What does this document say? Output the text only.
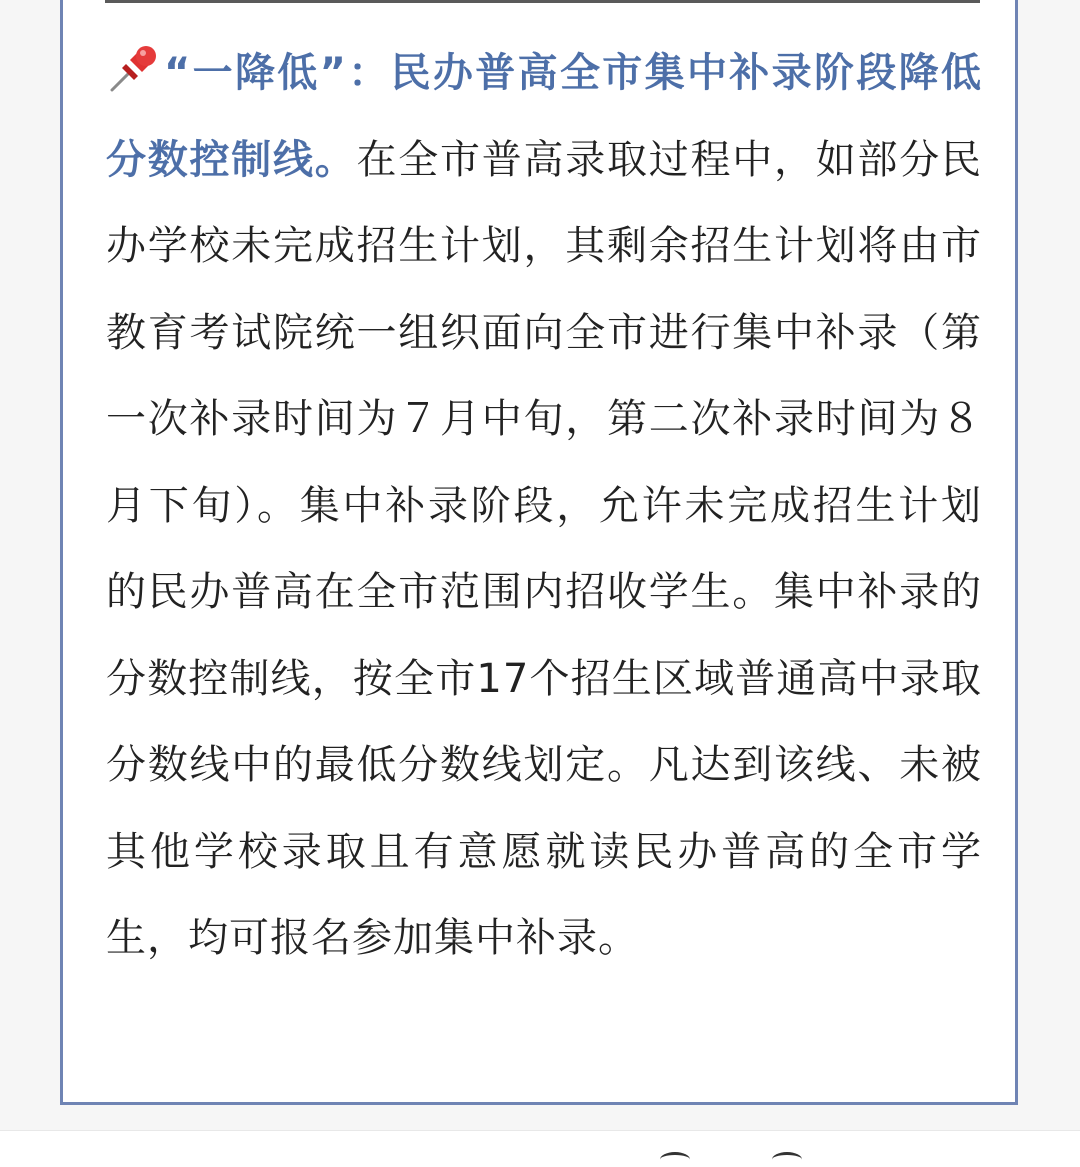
“一降低”：民办普高全市集中补录阶段降低分数控制线。在全市普高录取过程中，如部分民办学校未完成招生计划，其剩余招生计划将由市教育考试院统一组织面向全市进行集中补录（第一次补录时间为７月中旬，第二次补录时间为８月下旬）。集中补录阶段，允许未完成招生计划的民办普高在全市范围内招收学生。集中补录的分数控制线，按全市17个招生区域普通高中录取分数线中的最低分数线划定。凡达到该线、未被其他学校录取且有意愿就读民办普高的全市学生，均可报名参加集中补录。
